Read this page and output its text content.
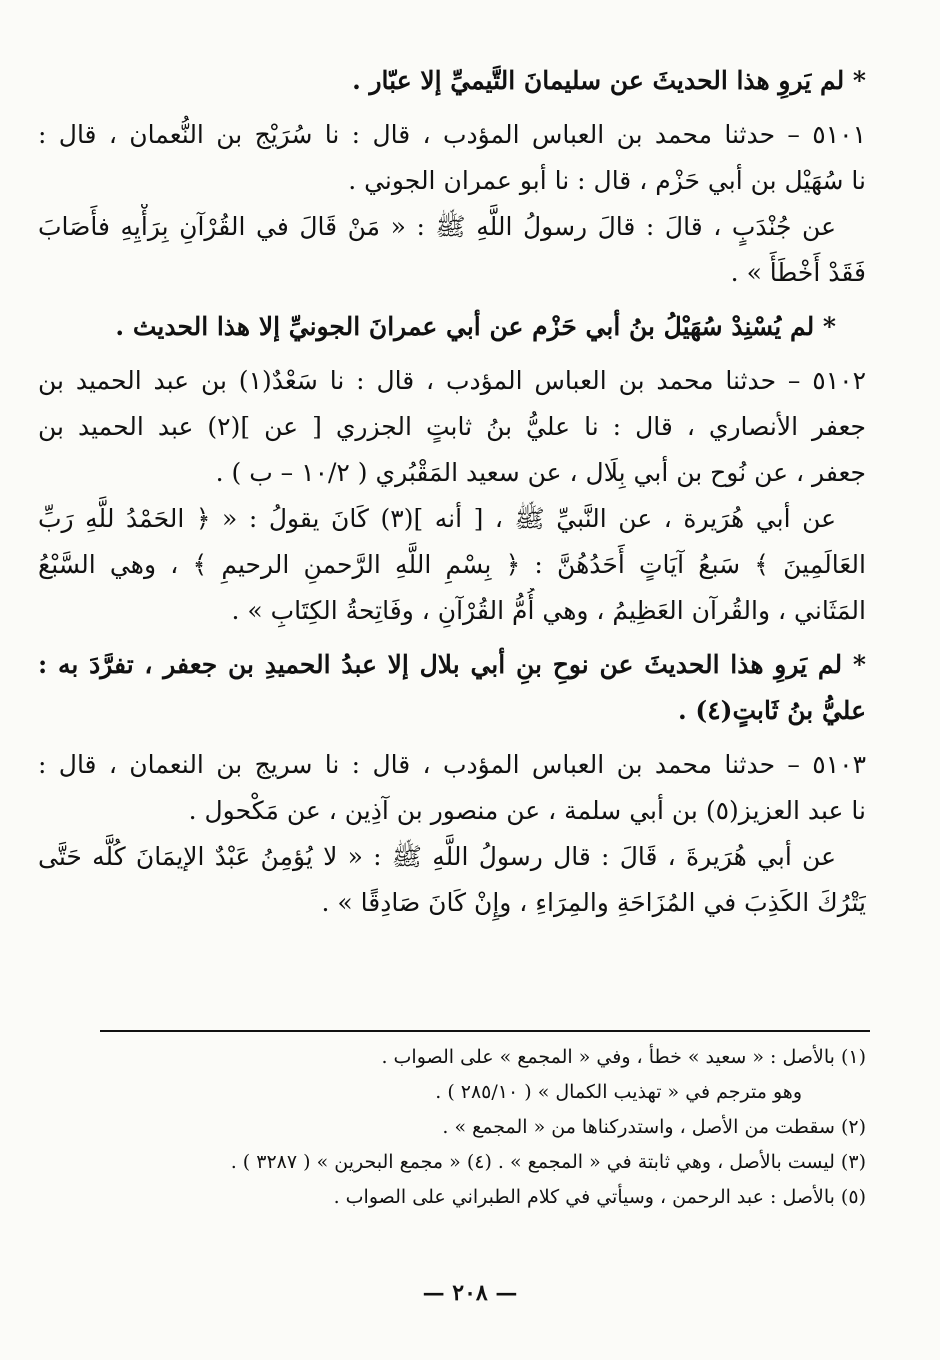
* لم يَروِ هذا الحديثَ عن سليمانَ التَّيميِّ إلا عبّار .
٥١٠١ – حدثنا محمد بن العباس المؤدب ، قال : نا سُرَيْج بن النُّعمان ، قال :
نا سُهَيْل بن أبي حَزْم ، قال : نا أبو عمران الجوني .
عن جُنْدَبٍ ، قالَ : قالَ رسولُ اللَّهِ ﷺ : « مَنْ قَالَ في القُرْآنِ بِرَأْيِهِ فأَصَابَ
فَقَدْ أَخْطَأَ » .
* لم يُسْنِدْ سُهَيْلُ بنُ أبي حَزْم عن أبي عمرانَ الجونيِّ إلا هذا الحديث .
٥١٠٢ – حدثنا محمد بن العباس المؤدب ، قال : نا سَعْدٌ(١) بن عبد الحميد بن
جعفر الأنصاري ، قال : نا عليُّ بنُ ثابتٍ الجزري [ عن ](٢) عبد الحميد بن
جعفر ، عن نُوح بن أبي بِلَال ، عن سعيد المَقْبُري ( ١٠/٢ – ب ) .
عن أبي هُرَيرة ، عن النَّبيِّ ﷺ ، [ أنه ](٣) كَانَ يقولُ : « ﴿ الحَمْدُ للَّهِ رَبِّ
العَالَمِينَ ﴾ سَبعُ آيَاتٍ أَحَدُهُنَّ : ﴿ بِسْمِ اللَّهِ الرَّحمنِ الرحيمِ ﴾ ، وهي السَّبْعُ
المَثَاني ، والقُرآن العَظِيمُ ، وهي أُمُّ القُرْآنِ ، وفَاتِحةُ الكِتَابِ » .
* لم يَروِ هذا الحديثَ عن نوحِ بنِ أبي بلال إلا عبدُ الحميدِ بن جعفر ، تفرَّدَ به :
عليُّ بنُ ثَابتٍ(٤) .
٥١٠٣ – حدثنا محمد بن العباس المؤدب ، قال : نا سريج بن النعمان ، قال :
نا عبد العزيز(٥) بن أبي سلمة ، عن منصور بن آذِين ، عن مَكْحول .
عن أبي هُرَيرةَ ، قَالَ : قال رسولُ اللَّهِ ﷺ : « لا يُؤمِنُ عَبْدٌ الإيمَانَ كُلَّه حَتَّى
يَتْرُكَ الكَذِبَ في المُزَاحَةِ والمِرَاءِ ، وإِنْ كَانَ صَادِقًا » .
(١) بالأصل : « سعيد » خطأ ، وفي « المجمع » على الصواب .
وهو مترجم في « تهذيب الكمال » ( ٢٨٥/١٠ ) .
(٢) سقطت من الأصل ، واستدركناها من « المجمع » .
(٣) ليست بالأصل ، وهي ثابتة في « المجمع » . (٤) « مجمع البحرين » ( ٣٢٨٧ ) .
(٥) بالأصل : عبد الرحمن ، وسيأتي في كلام الطبراني على الصواب .
— ٢٠٨ —
